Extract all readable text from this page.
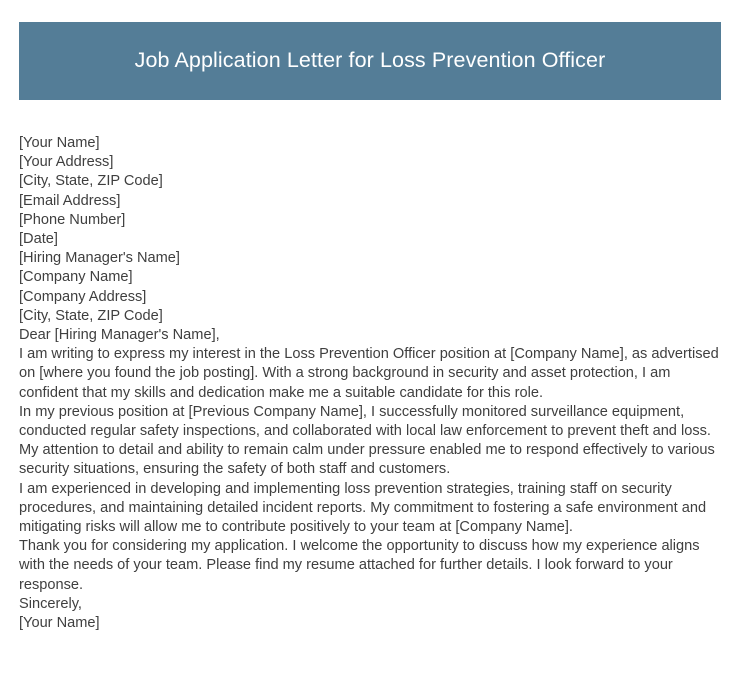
Job Application Letter for Loss Prevention Officer
[Your Name]
[Your Address]
[City, State, ZIP Code]
[Email Address]
[Phone Number]
[Date]
[Hiring Manager's Name]
[Company Name]
[Company Address]
[City, State, ZIP Code]
Dear [Hiring Manager's Name],

I am writing to express my interest in the Loss Prevention Officer position at [Company Name], as advertised on [where you found the job posting]. With a strong background in security and asset protection, I am confident that my skills and dedication make me a suitable candidate for this role.

In my previous position at [Previous Company Name], I successfully monitored surveillance equipment, conducted regular safety inspections, and collaborated with local law enforcement to prevent theft and loss. My attention to detail and ability to remain calm under pressure enabled me to respond effectively to various security situations, ensuring the safety of both staff and customers.

I am experienced in developing and implementing loss prevention strategies, training staff on security procedures, and maintaining detailed incident reports. My commitment to fostering a safe environment and mitigating risks will allow me to contribute positively to your team at [Company Name].

Thank you for considering my application. I welcome the opportunity to discuss how my experience aligns with the needs of your team. Please find my resume attached for further details. I look forward to your response.

Sincerely,
[Your Name]
